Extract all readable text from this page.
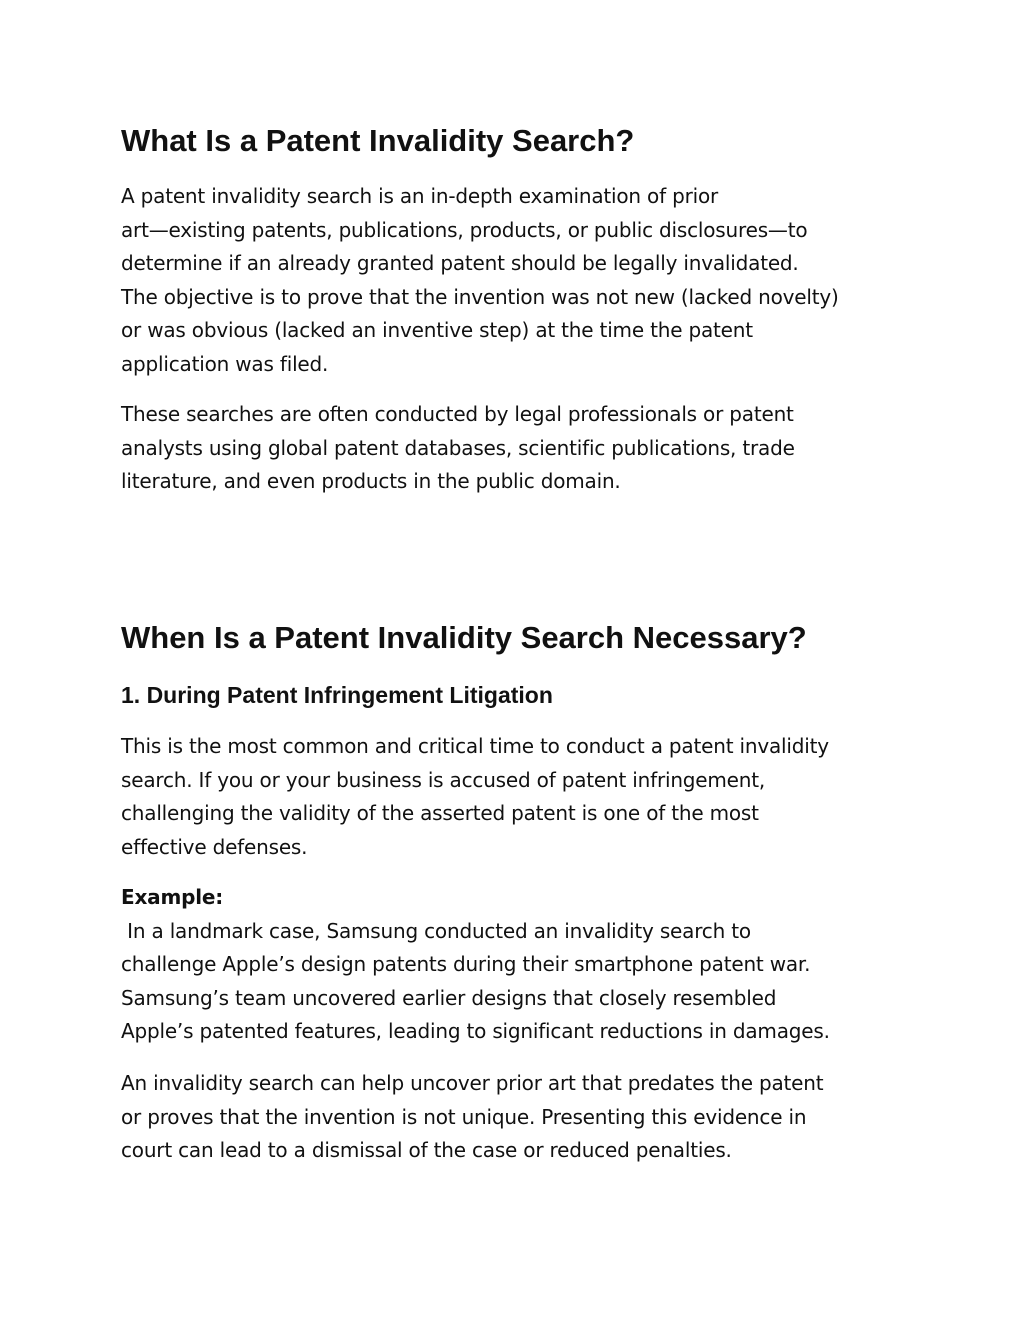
What Is a Patent Invalidity Search?

A patent invalidity search is an in-depth examination of prior
art—existing patents, publications, products, or public disclosures—to
determine if an already granted patent should be legally invalidated.
The objective is to prove that the invention was not new (lacked novelty)
or was obvious (lacked an inventive step) at the time the patent
application was filed.

These searches are often conducted by legal professionals or patent
analysts using global patent databases, scientific publications, trade
literature, and even products in the public domain.

When Is a Patent Invalidity Search Necessary?
1. During Patent Infringement Litigation

This is the most common and critical time to conduct a patent invalidity
search. If you or your business is accused of patent infringement,
challenging the validity of the asserted patent is one of the most
effective defenses.

Example:
In a landmark case, Samsung conducted an invalidity search to
challenge Apple’s design patents during their smartphone patent war.
Samsung’s team uncovered earlier designs that closely resembled
Apple’s patented features, leading to significant reductions in damages.

An invalidity search can help uncover prior art that predates the patent
or proves that the invention is not unique. Presenting this evidence in
court can lead to a dismissal of the case or reduced penalties.
